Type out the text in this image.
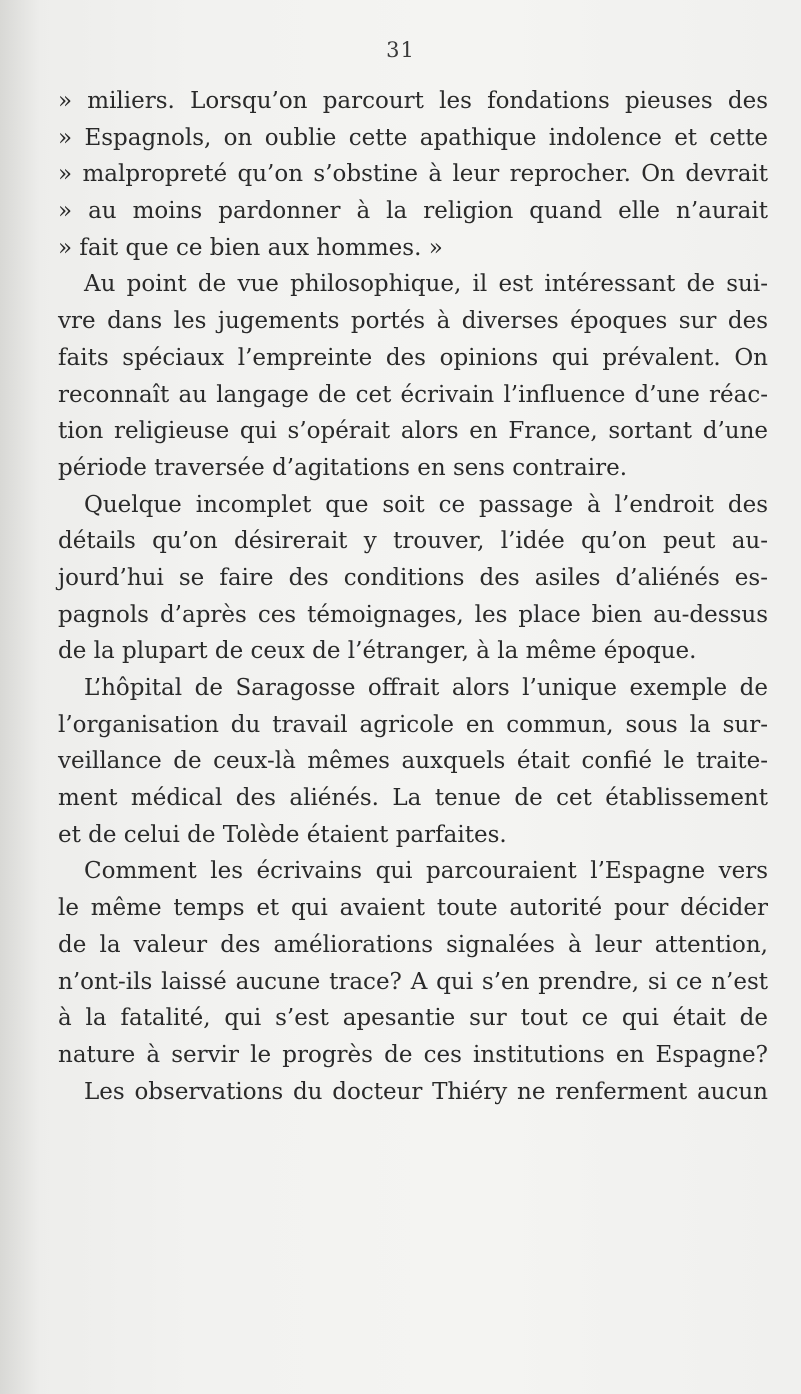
31
» miliers. Lorsqu’on parcourt les fondations pieuses des
» Espagnols, on oublie cette apathique indolence et cette
» malpropreté qu’on s’obstine à leur reprocher. On devrait
» au moins pardonner à la religion quand elle n’aurait
» fait que ce bien aux hommes. »
Au point de vue philosophique, il est intéressant de sui-
vre dans les jugements portés à diverses époques sur des
faits spéciaux l’empreinte des opinions qui prévalent. On
reconnaît au langage de cet écrivain l’influence d’une réac-
tion religieuse qui s’opérait alors en France, sortant d’une
période traversée d’agitations en sens contraire.
Quelque incomplet que soit ce passage à l’endroit des
détails qu’on désirerait y trouver, l’idée qu’on peut au-
jourd’hui se faire des conditions des asiles d’aliénés es-
pagnols d’après ces témoignages, les place bien au-dessus
de la plupart de ceux de l’étranger, à la même époque.
L’hôpital de Saragosse offrait alors l’unique exemple de
l’organisation du travail agricole en commun, sous la sur-
veillance de ceux-là mêmes auxquels était confié le traite-
ment médical des aliénés. La tenue de cet établissement
et de celui de Tolède étaient parfaites.
Comment les écrivains qui parcouraient l’Espagne vers
le même temps et qui avaient toute autorité pour décider
de la valeur des améliorations signalées à leur attention,
n’ont-ils laissé aucune trace? A qui s’en prendre, si ce n’est
à la fatalité, qui s’est apesantie sur tout ce qui était de
nature à servir le progrès de ces institutions en Espagne?
Les observations du docteur Thiéry ne renferment aucun
